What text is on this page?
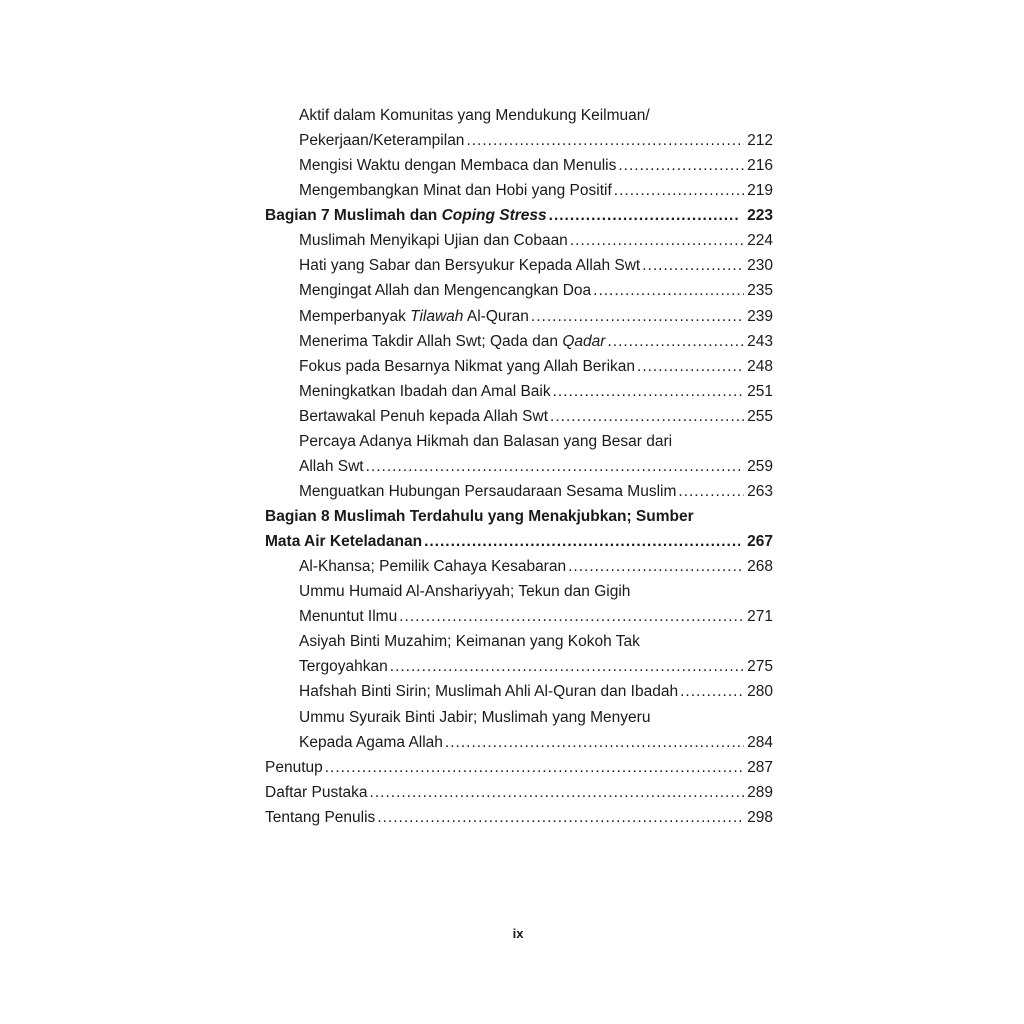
Aktif dalam Komunitas yang Mendukung Keilmuan/
Pekerjaan/Keterampilan .....	212
Mengisi Waktu dengan Membaca dan Menulis .....	216
Mengembangkan Minat dan Hobi yang Positif .....	219
Bagian 7 Muslimah dan Coping Stress .....	223
Muslimah Menyikapi Ujian dan Cobaan .....	224
Hati yang Sabar dan Bersyukur Kepada Allah Swt .....	230
Mengingat Allah dan Mengencangkan Doa .....	235
Memperbanyak Tilawah Al-Quran .....	239
Menerima Takdir Allah Swt; Qada dan Qadar .....	243
Fokus pada Besarnya Nikmat yang Allah Berikan .....	248
Meningkatkan Ibadah dan Amal Baik .....	251
Bertawakal Penuh kepada Allah Swt .....	255
Percaya Adanya Hikmah dan Balasan yang Besar dari
Allah Swt .....	259
Menguatkan Hubungan Persaudaraan Sesama Muslim .....	263
Bagian 8 Muslimah Terdahulu yang Menakjubkan; Sumber
Mata Air Keteladanan .....	267
Al-Khansa; Pemilik Cahaya Kesabaran .....	268
Ummu Humaid Al-Anshariyyah; Tekun dan Gigih
Menuntut Ilmu .....	271
Asiyah Binti Muzahim; Keimanan yang Kokoh Tak
Tergoyahkan .....	275
Hafshah Binti Sirin; Muslimah Ahli Al-Quran dan Ibadah .....	280
Ummu Syuraik Binti Jabir; Muslimah yang Menyeru
Kepada Agama Allah .....	284
Penutup .....	287
Daftar Pustaka .....	289
Tentang Penulis .....	298
ix
